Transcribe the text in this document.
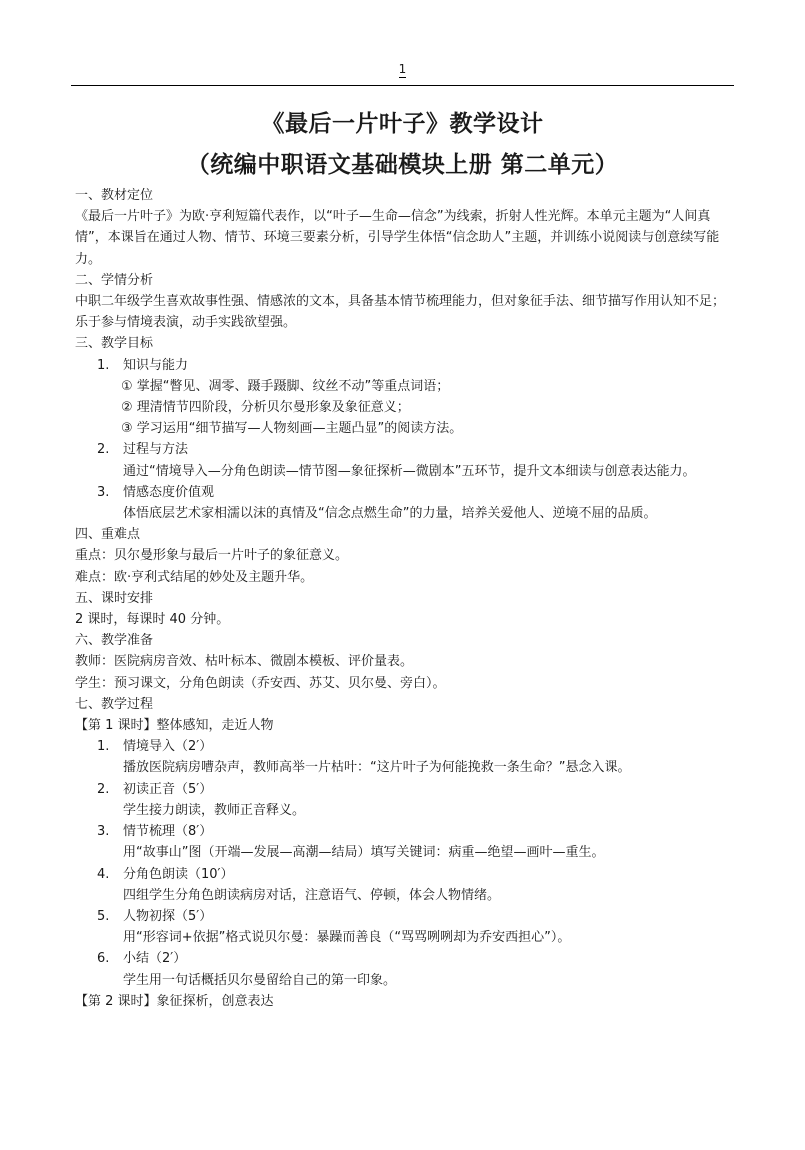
1
《最后一片叶子》教学设计
（统编中职语文基础模块上册 第二单元）

一、教材定位

《最后一片叶子》为欧·亨利短篇代表作，以“叶子—生命—信念”为线索，折射人性光辉。本单元主题为“人间真情”，本课旨在通过人物、情节、环境三要素分析，引导学生体悟“信念助人”主题，并训练小说阅读与创意续写能力。

二、学情分析

中职二年级学生喜欢故事性强、情感浓的文本，具备基本情节梳理能力，但对象征手法、细节描写作用认知不足；乐于参与情境表演，动手实践欲望强。

三、教学目标

1.	知识与能力

① 掌握“瞥见、凋零、蹑手蹑脚、纹丝不动”等重点词语；

② 理清情节四阶段，分析贝尔曼形象及象征意义；

③ 学习运用“细节描写—人物刻画—主题凸显”的阅读方法。

2.	过程与方法

通过“情境导入—分角色朗读—情节图—象征探析—微剧本”五环节，提升文本细读与创意表达能力。

3.	情感态度价值观

体悟底层艺术家相濡以沫的真情及“信念点燃生命”的力量，培养关爱他人、逆境不屈的品质。

四、重难点

重点：贝尔曼形象与最后一片叶子的象征意义。

难点：欧·亨利式结尾的妙处及主题升华。

五、课时安排

2 课时，每课时 40 分钟。

六、教学准备

教师：医院病房音效、枯叶标本、微剧本模板、评价量表。

学生：预习课文，分角色朗读（乔安西、苏艾、贝尔曼、旁白）。

七、教学过程

【第 1 课时】整体感知，走近人物

1.	情境导入（2′）

播放医院病房嘈杂声，教师高举一片枯叶：“这片叶子为何能挽救一条生命？”悬念入课。

2.	初读正音（5′）

学生接力朗读，教师正音释义。

3.	情节梳理（8′）

用“故事山”图（开端—发展—高潮—结局）填写关键词：病重—绝望—画叶—重生。

4.	分角色朗读（10′）

四组学生分角色朗读病房对话，注意语气、停顿，体会人物情绪。

5.	人物初探（5′）

用“形容词+依据”格式说贝尔曼：暴躁而善良（“骂骂咧咧却为乔安西担心”）。

6.	小结（2′）

学生用一句话概括贝尔曼留给自己的第一印象。

【第 2 课时】象征探析，创意表达
